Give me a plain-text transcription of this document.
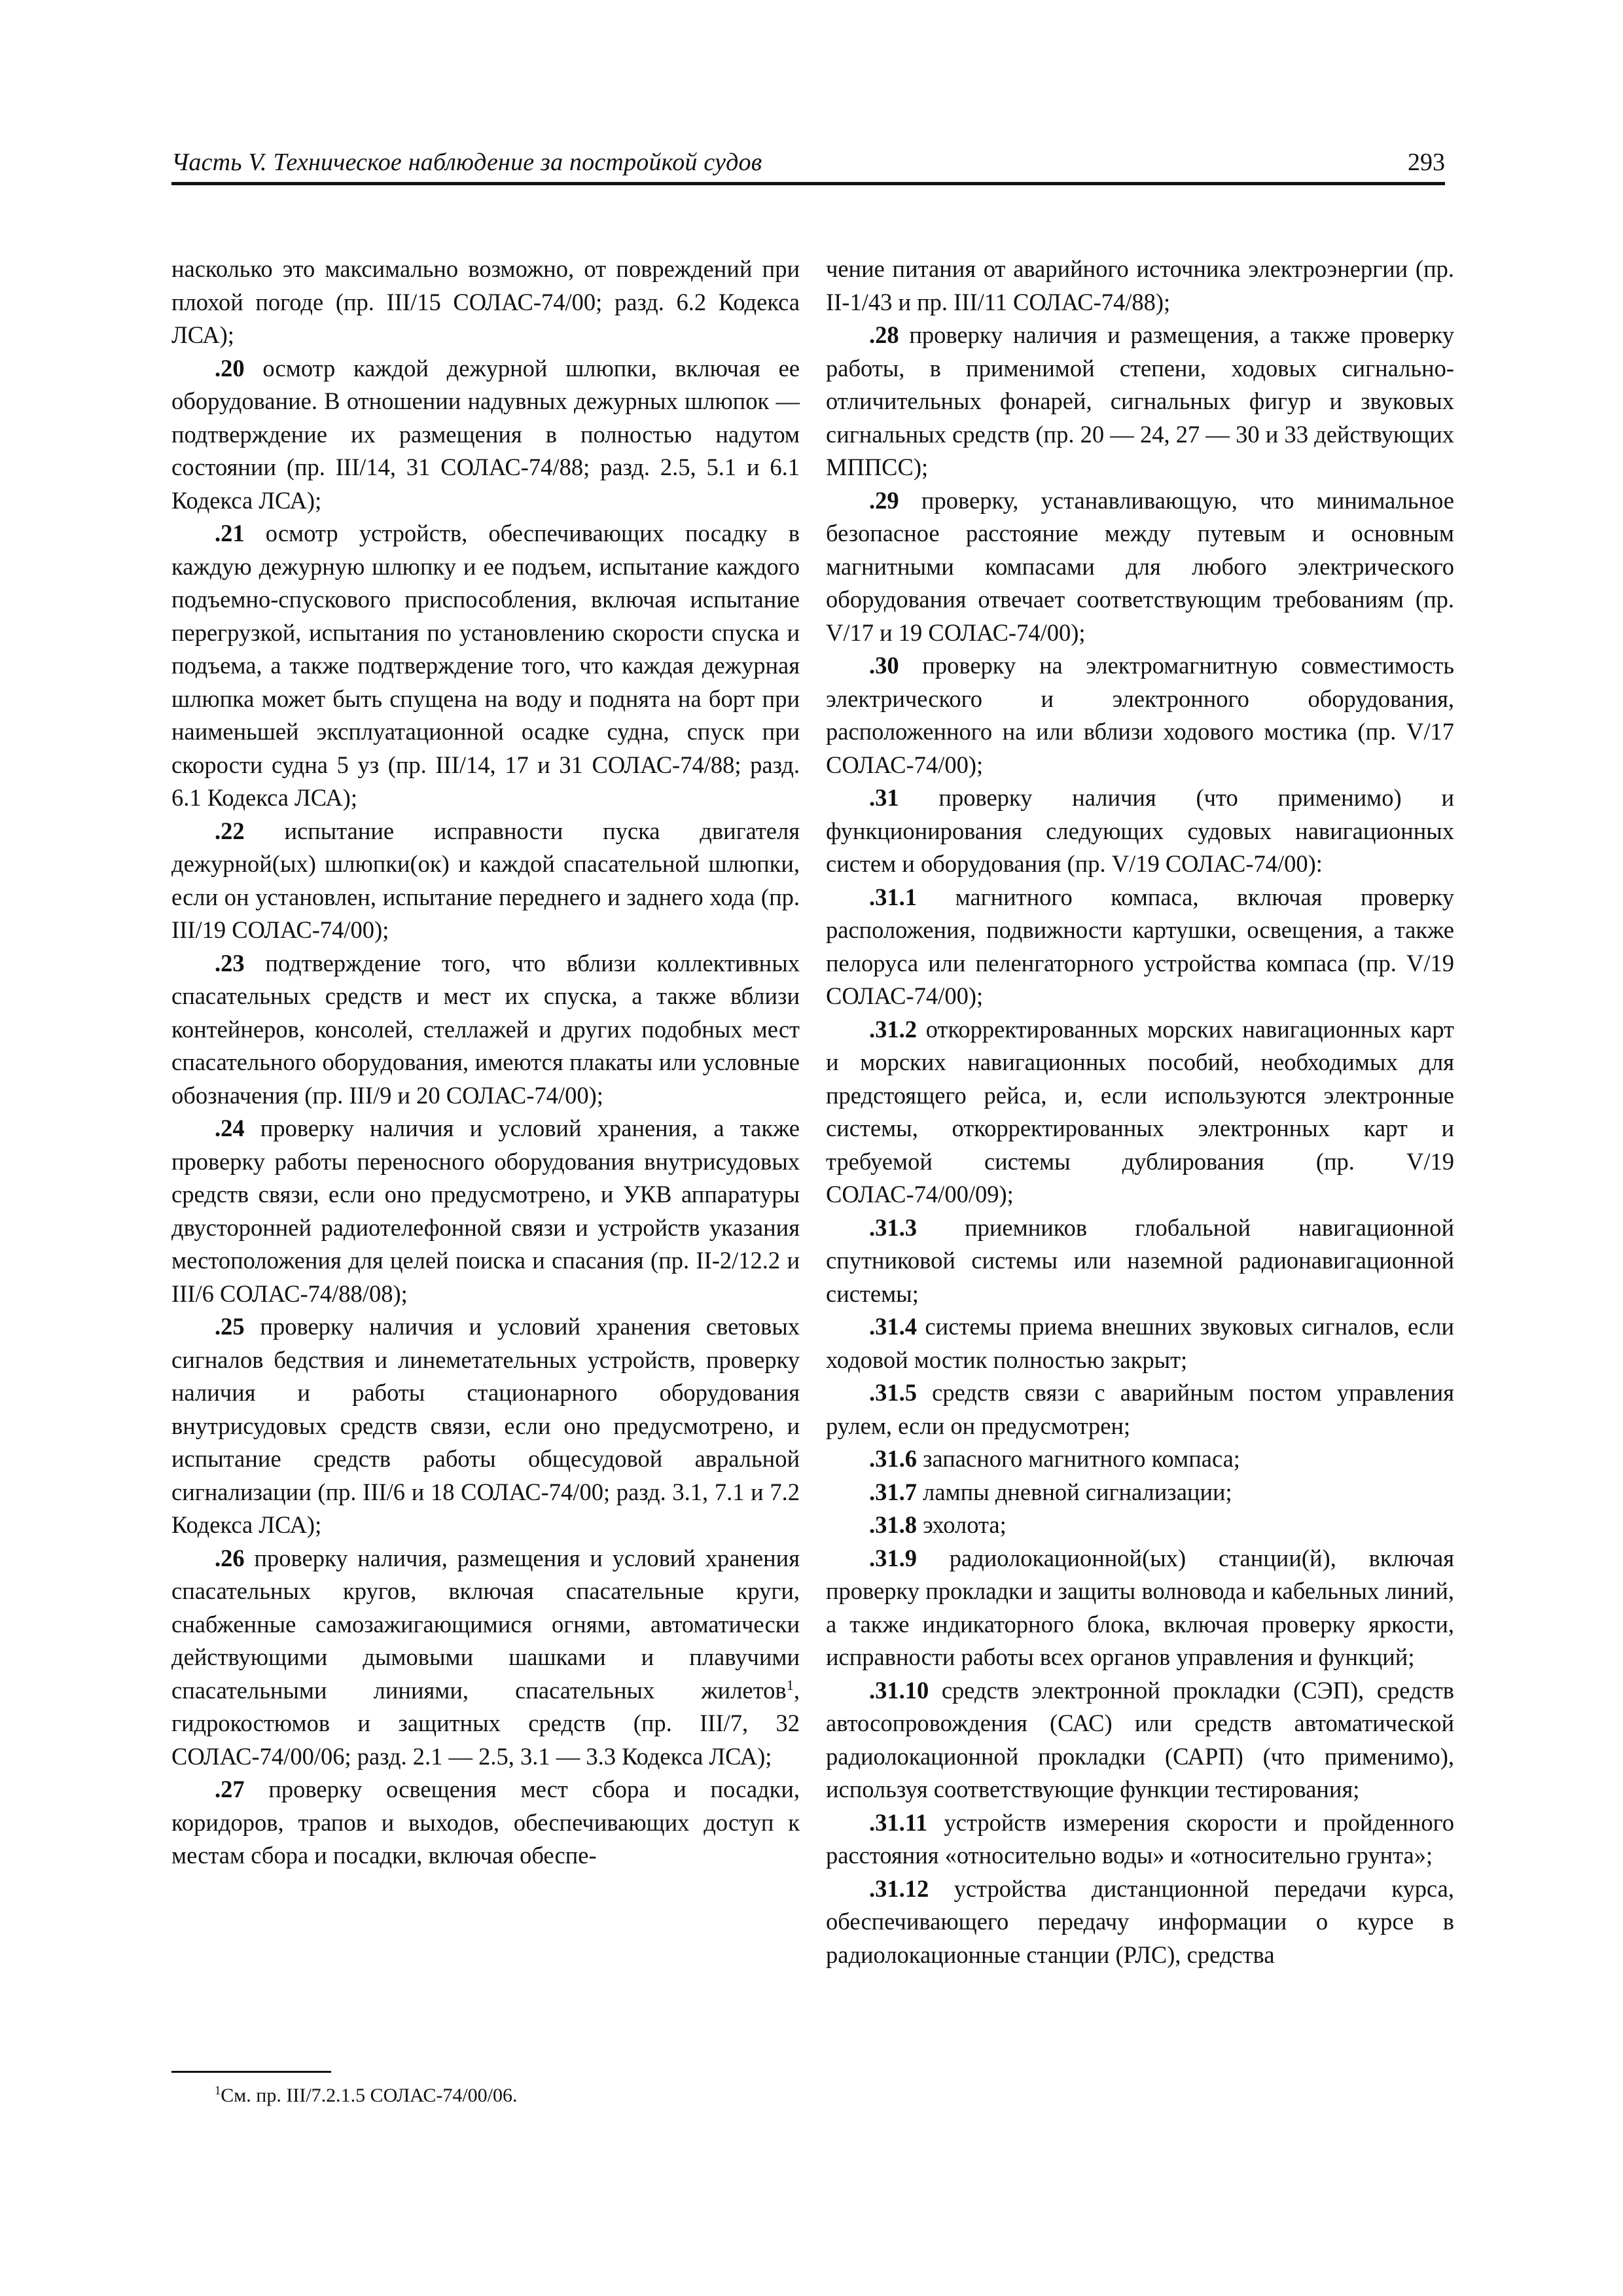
Часть V. Техническое наблюдение за постройкой судов	293

насколько это максимально возможно, от повреждений при плохой погоде (пр. III/15 СОЛАС-74/00; разд. 6.2 Кодекса ЛСА);

.20 осмотр каждой дежурной шлюпки, включая ее оборудование. В отношении надувных дежурных шлюпок — подтверждение их размещения в полностью надутом состоянии (пр. III/14, 31 СОЛАС-74/88; разд. 2.5, 5.1 и 6.1 Кодекса ЛСА);

.21 осмотр устройств, обеспечивающих посадку в каждую дежурную шлюпку и ее подъем, испытание каждого подъемно-спускового приспособления, включая испытание перегрузкой, испытания по установлению скорости спуска и подъема, а также подтверждение того, что каждая дежурная шлюпка может быть спущена на воду и поднята на борт при наименьшей эксплуатационной осадке судна, спуск при скорости судна 5 уз (пр. III/14, 17 и 31 СОЛАС-74/88; разд. 6.1 Кодекса ЛСА);

.22 испытание исправности пуска двигателя дежурной(ых) шлюпки(ок) и каждой спасательной шлюпки, если он установлен, испытание переднего и заднего хода (пр. III/19 СОЛАС-74/00);

.23 подтверждение того, что вблизи коллективных спасательных средств и мест их спуска, а также вблизи контейнеров, консолей, стеллажей и других подобных мест спасательного оборудования, имеются плакаты или условные обозначения (пр. III/9 и 20 СОЛАС-74/00);

.24 проверку наличия и условий хранения, а также проверку работы переносного оборудования внутрисудовых средств связи, если оно предусмотрено, и УКВ аппаратуры двусторонней радиотелефонной связи и устройств указания местоположения для целей поиска и спасания (пр. II-2/12.2 и III/6 СОЛАС-74/88/08);

.25 проверку наличия и условий хранения световых сигналов бедствия и линеметательных устройств, проверку наличия и работы стационарного оборудования внутрисудовых средств связи, если оно предусмотрено, и испытание средств работы общесудовой авральной сигнализации (пр. III/6 и 18 СОЛАС-74/00; разд. 3.1, 7.1 и 7.2 Кодекса ЛСА);

.26 проверку наличия, размещения и условий хранения спасательных кругов, включая спасательные круги, снабженные самозажигающимися огнями, автоматически действующими дымовыми шашками и плавучими спасательными линиями, спасательных жилетов$^1$, гидрокостюмов и защитных средств (пр. III/7, 32 СОЛАС-74/00/06; разд. 2.1 — 2.5, 3.1 — 3.3 Кодекса ЛСА);

.27 проверку освещения мест сбора и посадки, коридоров, трапов и выходов, обеспечивающих доступ к местам сбора и посадки, включая обеспе-

$^1$См. пр. III/7.2.1.5 СОЛАС-74/00/06.

чение питания от аварийного источника электроэнергии (пр. II-1/43 и пр. III/11 СОЛАС-74/88);

.28 проверку наличия и размещения, а также проверку работы, в применимой степени, ходовых сигнально-отличительных фонарей, сигнальных фигур и звуковых сигнальных средств (пр. 20 — 24, 27 — 30 и 33 действующих МППСС);

.29 проверку, устанавливающую, что минимальное безопасное расстояние между путевым и основным магнитными компасами для любого электрического оборудования отвечает соответствующим требованиям (пр. V/17 и 19 СОЛАС-74/00);

.30 проверку на электромагнитную совместимость электрического и электронного оборудования, расположенного на или вблизи ходового мостика (пр. V/17 СОЛАС-74/00);

.31 проверку наличия (что применимо) и функционирования следующих судовых навигационных систем и оборудования (пр. V/19 СОЛАС-74/00):

.31.1 магнитного компаса, включая проверку расположения, подвижности картушки, освещения, а также пелоруса или пеленгаторного устройства компаса (пр. V/19 СОЛАС-74/00);

.31.2 откорректированных морских навигационных карт и морских навигационных пособий, необходимых для предстоящего рейса, и, если используются электронные системы, откорректированных электронных карт и требуемой системы дублирования (пр. V/19 СОЛАС-74/00/09);

.31.3 приемников глобальной навигационной спутниковой системы или наземной радионавигационной системы;

.31.4 системы приема внешних звуковых сигналов, если ходовой мостик полностью закрыт;

.31.5 средств связи с аварийным постом управления рулем, если он предусмотрен;

.31.6 запасного магнитного компаса;

.31.7 лампы дневной сигнализации;

.31.8 эхолота;

.31.9 радиолокационной(ых) станции(й), включая проверку прокладки и защиты волновода и кабельных линий, а также индикаторного блока, включая проверку яркости, исправности работы всех органов управления и функций;

.31.10 средств электронной прокладки (СЭП), средств автосопровождения (САС) или средств автоматической радиолокационной прокладки (САРП) (что применимо), используя соответствующие функции тестирования;

.31.11 устройств измерения скорости и пройденного расстояния «относительно воды» и «относительно грунта»;

.31.12 устройства дистанционной передачи курса, обеспечивающего передачу информации о курсе в радиолокационные станции (РЛС), средства
